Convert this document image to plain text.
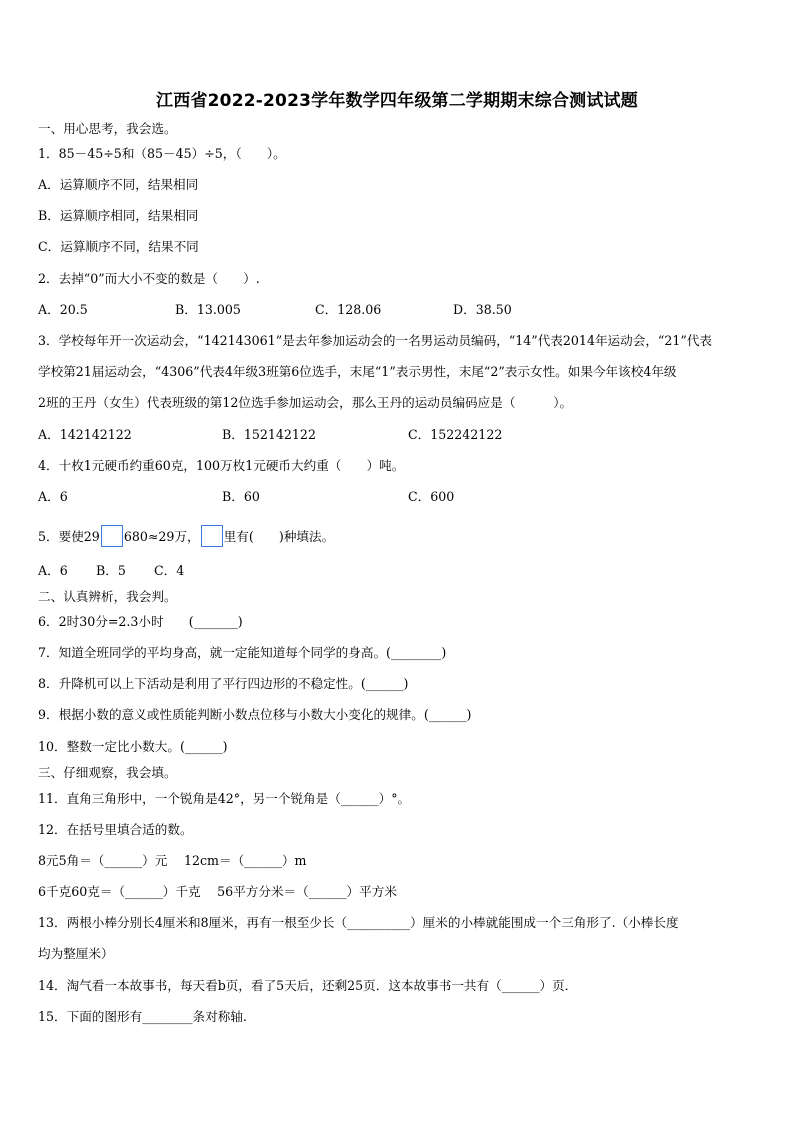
江西省2022-2023学年数学四年级第二学期期末综合测试试题
一、用心思考，我会选。
1．85－45÷5和（85－45）÷5，（　　）。
A．运算顺序不同，结果相同
B．运算顺序相同，结果相同
C．运算顺序不同，结果不同
2．去掉“0”而大小不变的数是（　　）.
A．20.5	B．13.005	C．128.06	D．38.50
3．学校每年开一次运动会，“142143061”是去年参加运动会的一名男运动员编码，“14”代表2014年运动会，“21”代表
学校第21届运动会，“4306”代表4年级3班第6位选手，末尾“1”表示男性，末尾“2”表示女性。如果今年该校4年级
2班的王丹（女生）代表班级的第12位选手参加运动会，那么王丹的运动员编码应是（　　　）。
A．142142122	B．152142122	C．152242122
4．十枚1元硬币约重60克，100万枚1元硬币大约重（　　）吨。
A．6	B．60	C．600
5．要使29 680≈29万， 里有(　　)种填法。
A．6 B．5 C．4
二、认真辨析，我会判。
6．2时30分=2.3小时　　(_______)
7．知道全班同学的平均身高，就一定能知道每个同学的身高。(________)
8．升降机可以上下活动是利用了平行四边形的不稳定性。(______)
9．根据小数的意义或性质能判断小数点位移与小数大小变化的规律。(______)
10．整数一定比小数大。(______)
三、仔细观察，我会填。
11．直角三角形中，一个锐角是42°，另一个锐角是（______）°。
12．在括号里填合适的数。
8元5角＝（______）元　 12cm＝（______）m
6千克60克＝（______）千克　 56平方分米＝（______）平方米
13．两根小棒分别长4厘米和8厘米，再有一根至少长（__________）厘米的小棒就能围成一个三角形了.（小棒长度
均为整厘米）
14．淘气看一本故事书，每天看b页，看了5天后，还剩25页．这本故事书一共有（______）页．
15．下面的图形有________条对称轴.
